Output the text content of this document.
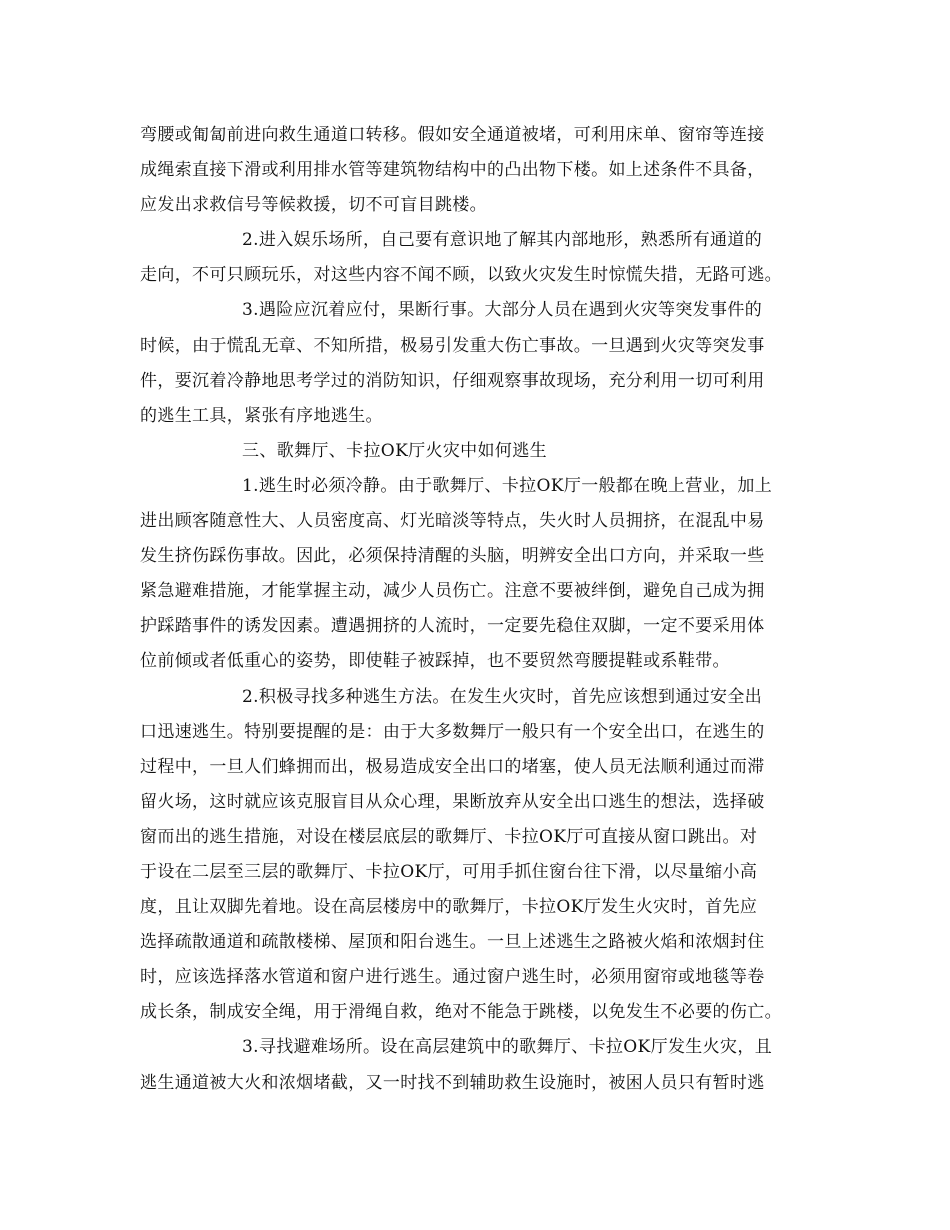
弯腰或匍匐前进向救生通道口转移。假如安全通道被堵，可利用床单、窗帘等连接
成绳索直接下滑或利用排水管等建筑物结构中的凸出物下楼。如上述条件不具备，
应发出求救信号等候救援，切不可盲目跳楼。
2.进入娱乐场所，自己要有意识地了解其内部地形，熟悉所有通道的
走向，不可只顾玩乐，对这些内容不闻不顾，以致火灾发生时惊慌失措，无路可逃。
3.遇险应沉着应付，果断行事。大部分人员在遇到火灾等突发事件的
时候，由于慌乱无章、不知所措，极易引发重大伤亡事故。一旦遇到火灾等突发事
件，要沉着冷静地思考学过的消防知识，仔细观察事故现场，充分利用一切可利用
的逃生工具，紧张有序地逃生。
三、歌舞厅、卡拉OK厅火灾中如何逃生
1.逃生时必须冷静。由于歌舞厅、卡拉OK厅一般都在晚上营业，加上
进出顾客随意性大、人员密度高、灯光暗淡等特点，失火时人员拥挤，在混乱中易
发生挤伤踩伤事故。因此，必须保持清醒的头脑，明辨安全出口方向，并采取一些
紧急避难措施，才能掌握主动，减少人员伤亡。注意不要被绊倒，避免自己成为拥
护踩踏事件的诱发因素。遭遇拥挤的人流时，一定要先稳住双脚，一定不要采用体
位前倾或者低重心的姿势，即使鞋子被踩掉，也不要贸然弯腰提鞋或系鞋带。
2.积极寻找多种逃生方法。在发生火灾时，首先应该想到通过安全出
口迅速逃生。特别要提醒的是：由于大多数舞厅一般只有一个安全出口，在逃生的
过程中，一旦人们蜂拥而出，极易造成安全出口的堵塞，使人员无法顺利通过而滞
留火场，这时就应该克服盲目从众心理，果断放弃从安全出口逃生的想法，选择破
窗而出的逃生措施，对设在楼层底层的歌舞厅、卡拉OK厅可直接从窗口跳出。对
于设在二层至三层的歌舞厅、卡拉OK厅，可用手抓住窗台往下滑，以尽量缩小高
度，且让双脚先着地。设在高层楼房中的歌舞厅，卡拉OK厅发生火灾时，首先应
选择疏散通道和疏散楼梯、屋顶和阳台逃生。一旦上述逃生之路被火焰和浓烟封住
时，应该选择落水管道和窗户进行逃生。通过窗户逃生时，必须用窗帘或地毯等卷
成长条，制成安全绳，用于滑绳自救，绝对不能急于跳楼，以免发生不必要的伤亡。
3.寻找避难场所。设在高层建筑中的歌舞厅、卡拉OK厅发生火灾，且
逃生通道被大火和浓烟堵截，又一时找不到辅助救生设施时，被困人员只有暂时逃
